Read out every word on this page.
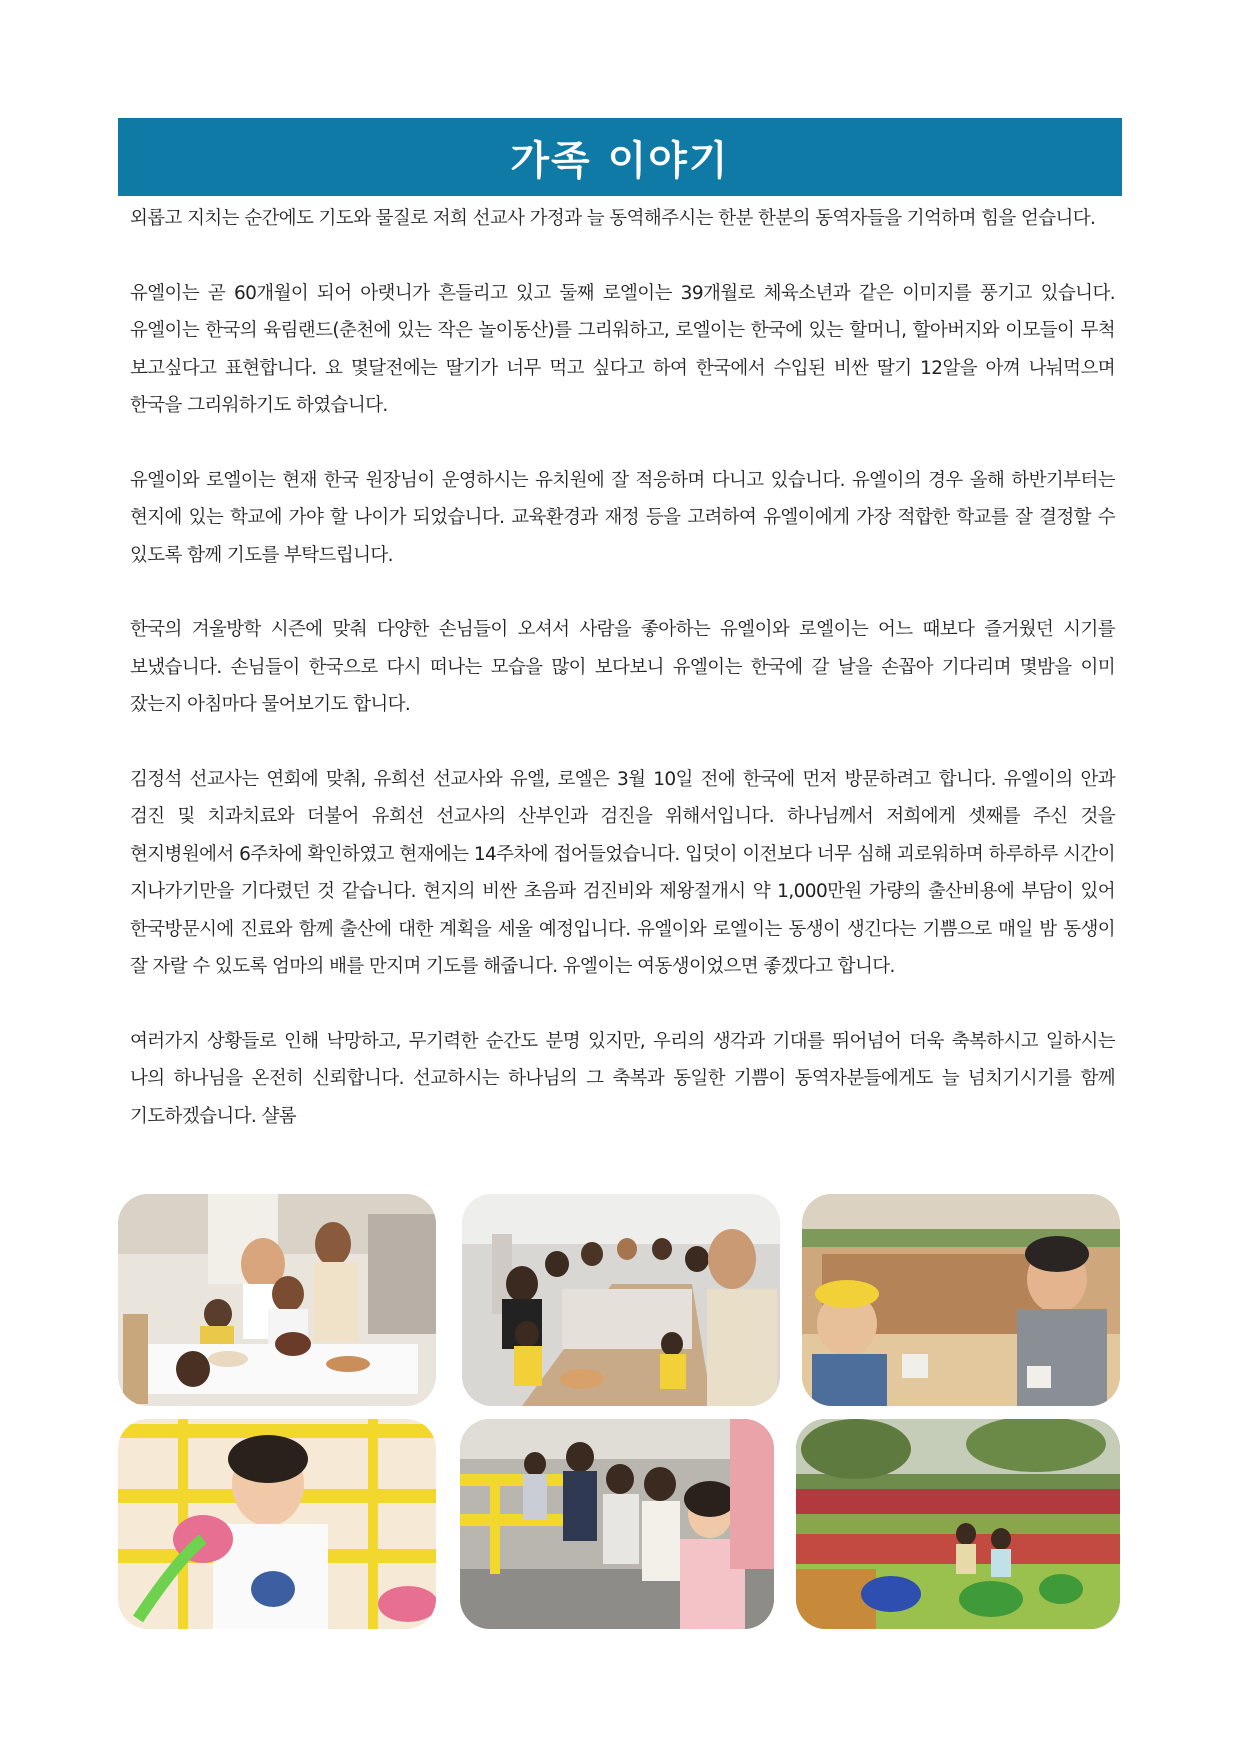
가족 이야기

외롭고 지치는 순간에도 기도와 물질로 저희 선교사 가정과 늘 동역해주시는 한분 한분의 동역자들을 기억하며 힘을 얻습니다.

유엘이는 곧 60개월이 되어 아랫니가 흔들리고 있고 둘째 로엘이는 39개월로 체육소년과 같은 이미지를 풍기고 있습니다. 유엘이는 한국의 육림랜드(춘천에 있는 작은 놀이동산)를 그리워하고, 로엘이는 한국에 있는 할머니, 할아버지와 이모들이 무척 보고싶다고 표현합니다. 요 몇달전에는 딸기가 너무 먹고 싶다고 하여 한국에서 수입된 비싼 딸기 12알을 아껴 나눠먹으며 한국을 그리워하기도 하였습니다.

유엘이와 로엘이는 현재 한국 원장님이 운영하시는 유치원에 잘 적응하며 다니고 있습니다. 유엘이의 경우 올해 하반기부터는 현지에 있는 학교에 가야 할 나이가 되었습니다. 교육환경과 재정 등을 고려하여 유엘이에게 가장 적합한 학교를 잘 결정할 수 있도록 함께 기도를 부탁드립니다.

한국의 겨울방학 시즌에 맞춰 다양한 손님들이 오셔서 사람을 좋아하는 유엘이와 로엘이는 어느 때보다 즐거웠던 시기를 보냈습니다. 손님들이 한국으로 다시 떠나는 모습을 많이 보다보니 유엘이는 한국에 갈 날을 손꼽아 기다리며 몇밤을 이미 잤는지 아침마다 물어보기도 합니다.

김정석 선교사는 연회에 맞춰, 유희선 선교사와 유엘, 로엘은 3월 10일 전에 한국에 먼저 방문하려고 합니다. 유엘이의 안과 검진 및 치과치료와 더불어 유희선 선교사의 산부인과 검진을 위해서입니다. 하나님께서 저희에게 셋째를 주신 것을 현지병원에서 6주차에 확인하였고 현재에는 14주차에 접어들었습니다. 입덧이 이전보다 너무 심해 괴로워하며 하루하루 시간이 지나가기만을 기다렸던 것 같습니다. 현지의 비싼 초음파 검진비와 제왕절개시 약 1,000만원 가량의 출산비용에 부담이 있어 한국방문시에 진료와 함께 출산에 대한 계획을 세울 예정입니다. 유엘이와 로엘이는 동생이 생긴다는 기쁨으로 매일 밤 동생이 잘 자랄 수 있도록 엄마의 배를 만지며 기도를 해줍니다. 유엘이는 여동생이었으면 좋겠다고 합니다.

여러가지 상황들로 인해 낙망하고, 무기력한 순간도 분명 있지만, 우리의 생각과 기대를 뛰어넘어 더욱 축복하시고 일하시는 나의 하나님을 온전히 신뢰합니다. 선교하시는 하나님의 그 축복과 동일한 기쁨이 동역자분들에게도 늘 넘치기시기를 함께 기도하겠습니다. 샬롬
